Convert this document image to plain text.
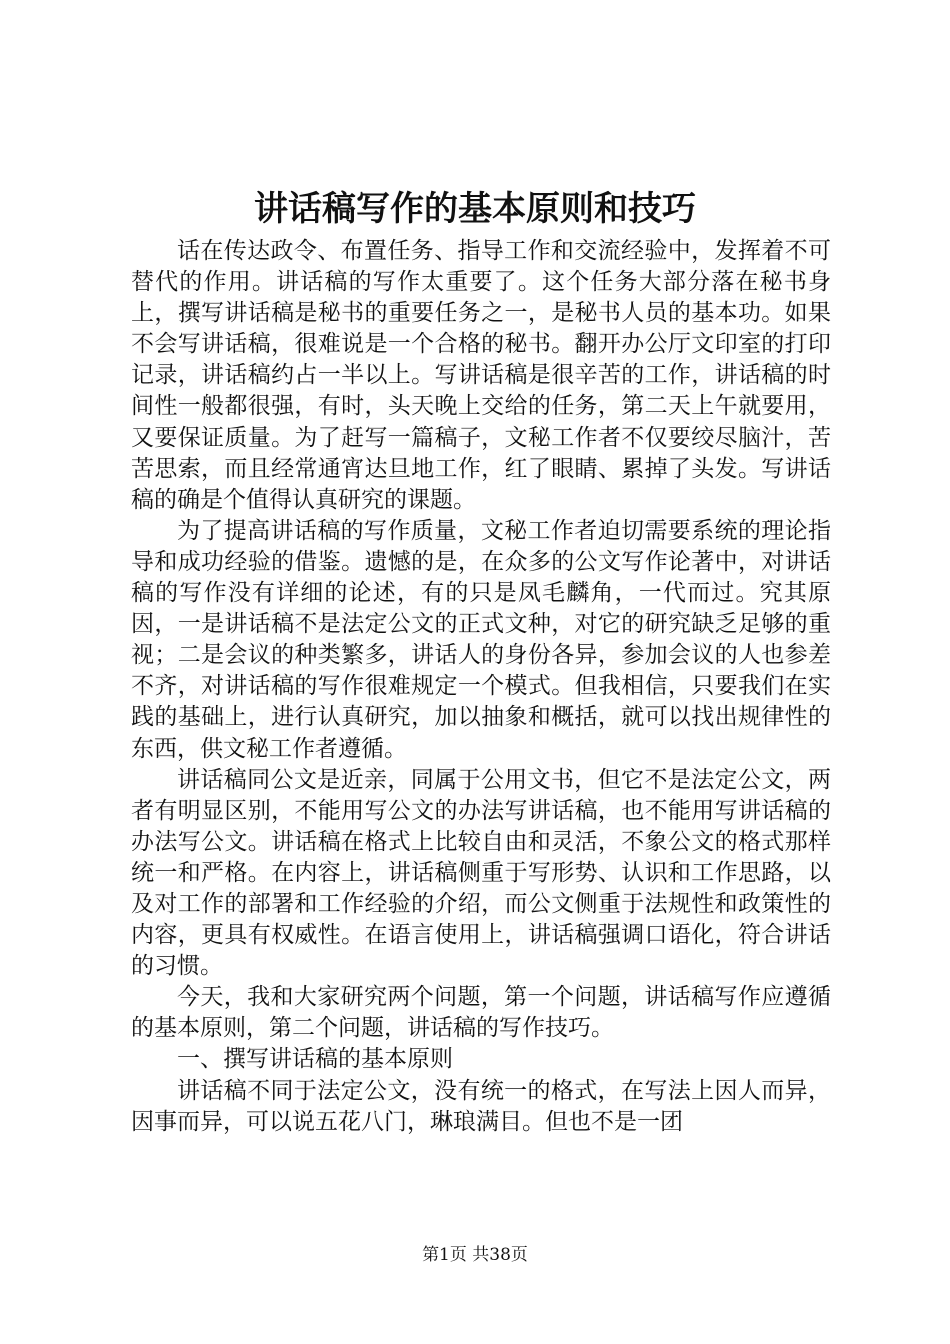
讲话稿写作的基本原则和技巧

话在传达政令、布置任务、指导工作和交流经验中，发挥着不可替代的作用。讲话稿的写作太重要了。这个任务大部分落在秘书身上，撰写讲话稿是秘书的重要任务之一，是秘书人员的基本功。如果不会写讲话稿，很难说是一个合格的秘书。翻开办公厅文印室的打印记录，讲话稿约占一半以上。写讲话稿是很辛苦的工作，讲话稿的时间性一般都很强，有时，头天晚上交给的任务，第二天上午就要用，又要保证质量。为了赶写一篇稿子，文秘工作者不仅要绞尽脑汁，苦苦思索，而且经常通宵达旦地工作，红了眼睛、累掉了头发。写讲话稿的确是个值得认真研究的课题。

为了提高讲话稿的写作质量，文秘工作者迫切需要系统的理论指导和成功经验的借鉴。遗憾的是，在众多的公文写作论著中，对讲话稿的写作没有详细的论述，有的只是凤毛麟角，一代而过。究其原因，一是讲话稿不是法定公文的正式文种，对它的研究缺乏足够的重视；二是会议的种类繁多，讲话人的身份各异，参加会议的人也参差不齐，对讲话稿的写作很难规定一个模式。但我相信，只要我们在实践的基础上，进行认真研究，加以抽象和概括，就可以找出规律性的东西，供文秘工作者遵循。

讲话稿同公文是近亲，同属于公用文书，但它不是法定公文，两者有明显区别，不能用写公文的办法写讲话稿，也不能用写讲话稿的办法写公文。讲话稿在格式上比较自由和灵活，不象公文的格式那样统一和严格。在内容上，讲话稿侧重于写形势、认识和工作思路，以及对工作的部署和工作经验的介绍，而公文侧重于法规性和政策性的内容，更具有权威性。在语言使用上，讲话稿强调口语化，符合讲话的习惯。

今天，我和大家研究两个问题，第一个问题，讲话稿写作应遵循的基本原则，第二个问题，讲话稿的写作技巧。

一、撰写讲话稿的基本原则

讲话稿不同于法定公文，没有统一的格式，在写法上因人而异，因事而异，可以说五花八门，琳琅满目。但也不是一团

第1页 共38页
